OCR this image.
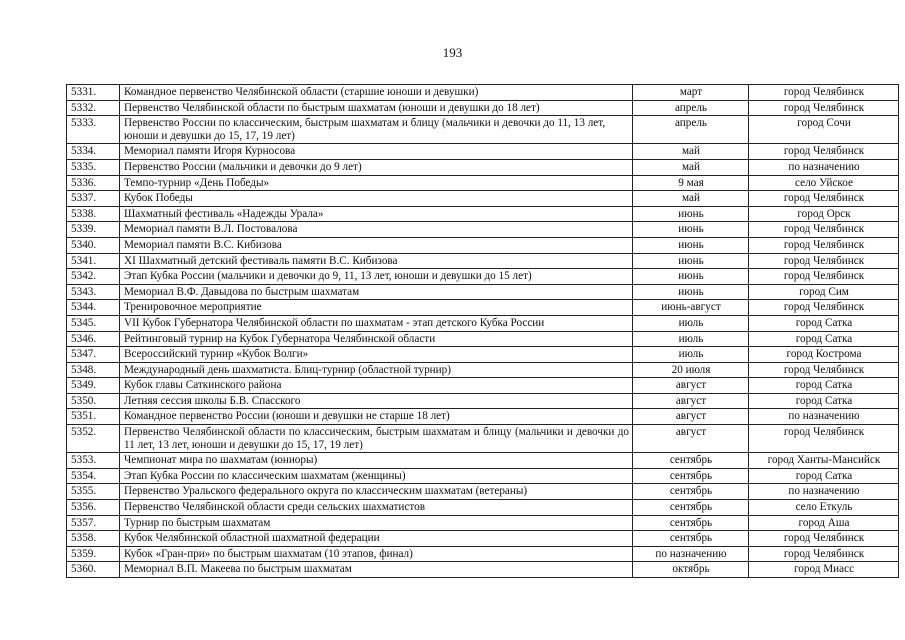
193
5331.	Командное первенство Челябинской области (старшие юноши и девушки)	март	город Челябинск
5332.	Первенство Челябинской области по быстрым шахматам (юноши и девушки до 18 лет)	апрель	город Челябинск
5333.	Первенство России по классическим, быстрым шахматам и блицу (мальчики и девочки до 11, 13 лет, юноши и девушки до 15, 17, 19 лет)	апрель	город Сочи
5334.	Мемориал памяти Игоря Курносова	май	город Челябинск
5335.	Первенство России (мальчики и девочки до 9 лет)	май	по назначению
5336.	Темпо-турнир «День Победы»	9 мая	село Уйское
5337.	Кубок Победы	май	город Челябинск
5338.	Шахматный фестиваль «Надежды Урала»	июнь	город Орск
5339.	Мемориал памяти В.Л. Постовалова	июнь	город Челябинск
5340.	Мемориал памяти В.С. Кибизова	июнь	город Челябинск
5341.	XI Шахматный детский фестиваль памяти В.С. Кибизова	июнь	город Челябинск
5342.	Этап Кубка России (мальчики и девочки до 9, 11, 13 лет, юноши и девушки до 15 лет)	июнь	город Челябинск
5343.	Мемориал В.Ф. Давыдова по быстрым шахматам	июнь	город Сим
5344.	Тренировочное мероприятие	июнь-август	город Челябинск
5345.	VII Кубок Губернатора Челябинской области по шахматам - этап детского Кубка России	июль	город Сатка
5346.	Рейтинговый турнир на Кубок Губернатора Челябинской области	июль	город Сатка
5347.	Всероссийский турнир «Кубок Волги»	июль	город Кострома
5348.	Международный день шахматиста. Блиц-турнир (областной турнир)	20 июля	город Челябинск
5349.	Кубок главы Саткинского района	август	город Сатка
5350.	Летняя сессия школы Б.В. Спасского	август	город Сатка
5351.	Командное первенство России (юноши и девушки не старше 18 лет)	август	по назначению
5352.	Первенство Челябинской области по классическим, быстрым шахматам и блицу (мальчики и девочки до 11 лет, 13 лет, юноши и девушки до 15, 17, 19 лет)	август	город Челябинск
5353.	Чемпионат мира по шахматам (юниоры)	сентябрь	город Ханты-Мансийск
5354.	Этап Кубка России по классическим шахматам (женщины)	сентябрь	город Сатка
5355.	Первенство Уральского федерального округа по классическим шахматам (ветераны)	сентябрь	по назначению
5356.	Первенство Челябинской области среди сельских шахматистов	сентябрь	село Еткуль
5357.	Турнир по быстрым шахматам	сентябрь	город Аша
5358.	Кубок Челябинской областной шахматной федерации	сентябрь	город Челябинск
5359.	Кубок «Гран-при» по быстрым шахматам (10 этапов, финал)	по назначению	город Челябинск
5360.	Мемориал В.П. Макеева по быстрым шахматам	октябрь	город Миасс
